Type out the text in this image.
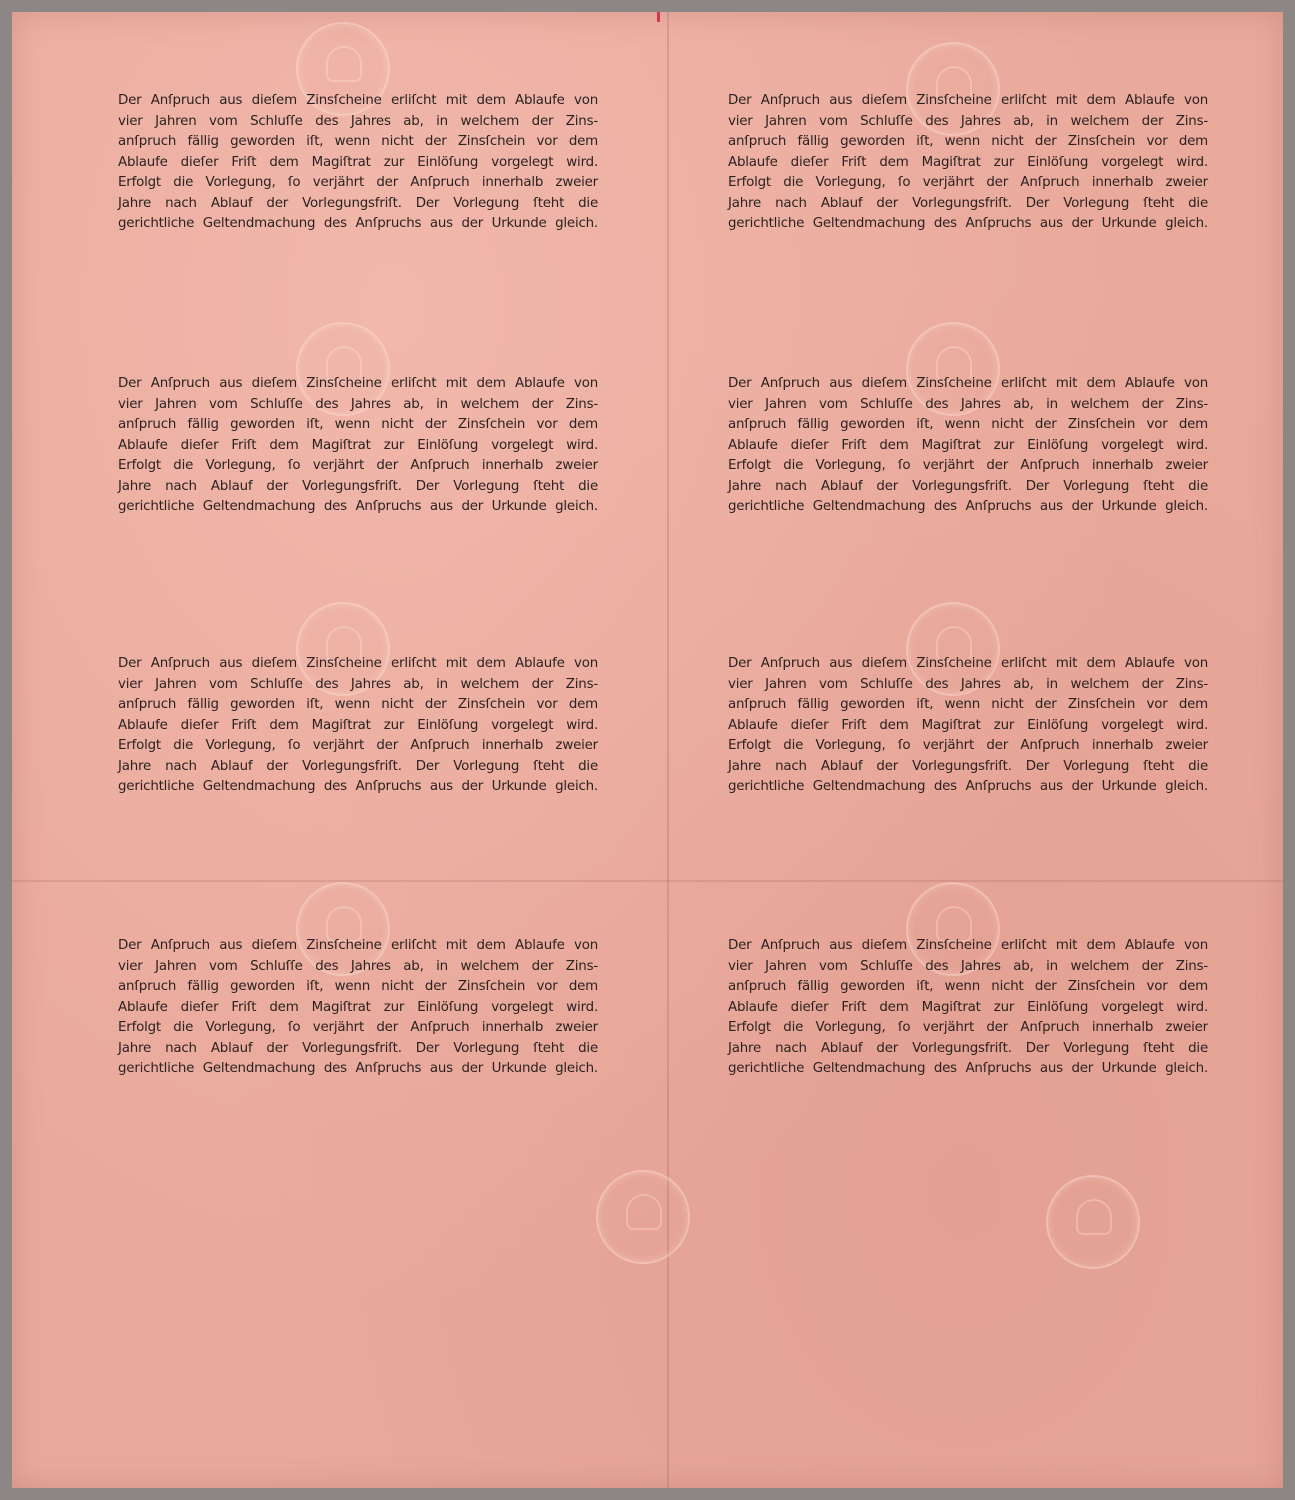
Der Anſpruch aus dieſem Zinsſcheine erliſcht mit dem Ablaufe von
vier Jahren vom Schluſſe des Jahres ab, in welchem der Zins-
anſpruch fällig geworden iſt, wenn nicht der Zinsſchein vor dem
Ablaufe dieſer Friſt dem Magiſtrat zur Einlöſung vorgelegt wird.
Erfolgt die Vorlegung, ſo verjährt der Anſpruch innerhalb zweier
Jahre nach Ablauf der Vorlegungsfriſt. Der Vorlegung ſteht die
gerichtliche Geltendmachung des Anſpruchs aus der Urkunde gleich.
Der Anſpruch aus dieſem Zinsſcheine erliſcht mit dem Ablaufe von
vier Jahren vom Schluſſe des Jahres ab, in welchem der Zins-
anſpruch fällig geworden iſt, wenn nicht der Zinsſchein vor dem
Ablaufe dieſer Friſt dem Magiſtrat zur Einlöſung vorgelegt wird.
Erfolgt die Vorlegung, ſo verjährt der Anſpruch innerhalb zweier
Jahre nach Ablauf der Vorlegungsfriſt. Der Vorlegung ſteht die
gerichtliche Geltendmachung des Anſpruchs aus der Urkunde gleich.
Der Anſpruch aus dieſem Zinsſcheine erliſcht mit dem Ablaufe von
vier Jahren vom Schluſſe des Jahres ab, in welchem der Zins-
anſpruch fällig geworden iſt, wenn nicht der Zinsſchein vor dem
Ablaufe dieſer Friſt dem Magiſtrat zur Einlöſung vorgelegt wird.
Erfolgt die Vorlegung, ſo verjährt der Anſpruch innerhalb zweier
Jahre nach Ablauf der Vorlegungsfriſt. Der Vorlegung ſteht die
gerichtliche Geltendmachung des Anſpruchs aus der Urkunde gleich.
Der Anſpruch aus dieſem Zinsſcheine erliſcht mit dem Ablaufe von
vier Jahren vom Schluſſe des Jahres ab, in welchem der Zins-
anſpruch fällig geworden iſt, wenn nicht der Zinsſchein vor dem
Ablaufe dieſer Friſt dem Magiſtrat zur Einlöſung vorgelegt wird.
Erfolgt die Vorlegung, ſo verjährt der Anſpruch innerhalb zweier
Jahre nach Ablauf der Vorlegungsfriſt. Der Vorlegung ſteht die
gerichtliche Geltendmachung des Anſpruchs aus der Urkunde gleich.
Der Anſpruch aus dieſem Zinsſcheine erliſcht mit dem Ablaufe von
vier Jahren vom Schluſſe des Jahres ab, in welchem der Zins-
anſpruch fällig geworden iſt, wenn nicht der Zinsſchein vor dem
Ablaufe dieſer Friſt dem Magiſtrat zur Einlöſung vorgelegt wird.
Erfolgt die Vorlegung, ſo verjährt der Anſpruch innerhalb zweier
Jahre nach Ablauf der Vorlegungsfriſt. Der Vorlegung ſteht die
gerichtliche Geltendmachung des Anſpruchs aus der Urkunde gleich.
Der Anſpruch aus dieſem Zinsſcheine erliſcht mit dem Ablaufe von
vier Jahren vom Schluſſe des Jahres ab, in welchem der Zins-
anſpruch fällig geworden iſt, wenn nicht der Zinsſchein vor dem
Ablaufe dieſer Friſt dem Magiſtrat zur Einlöſung vorgelegt wird.
Erfolgt die Vorlegung, ſo verjährt der Anſpruch innerhalb zweier
Jahre nach Ablauf der Vorlegungsfriſt. Der Vorlegung ſteht die
gerichtliche Geltendmachung des Anſpruchs aus der Urkunde gleich.
Der Anſpruch aus dieſem Zinsſcheine erliſcht mit dem Ablaufe von
vier Jahren vom Schluſſe des Jahres ab, in welchem der Zins-
anſpruch fällig geworden iſt, wenn nicht der Zinsſchein vor dem
Ablaufe dieſer Friſt dem Magiſtrat zur Einlöſung vorgelegt wird.
Erfolgt die Vorlegung, ſo verjährt der Anſpruch innerhalb zweier
Jahre nach Ablauf der Vorlegungsfriſt. Der Vorlegung ſteht die
gerichtliche Geltendmachung des Anſpruchs aus der Urkunde gleich.
Der Anſpruch aus dieſem Zinsſcheine erliſcht mit dem Ablaufe von
vier Jahren vom Schluſſe des Jahres ab, in welchem der Zins-
anſpruch fällig geworden iſt, wenn nicht der Zinsſchein vor dem
Ablaufe dieſer Friſt dem Magiſtrat zur Einlöſung vorgelegt wird.
Erfolgt die Vorlegung, ſo verjährt der Anſpruch innerhalb zweier
Jahre nach Ablauf der Vorlegungsfriſt. Der Vorlegung ſteht die
gerichtliche Geltendmachung des Anſpruchs aus der Urkunde gleich.
